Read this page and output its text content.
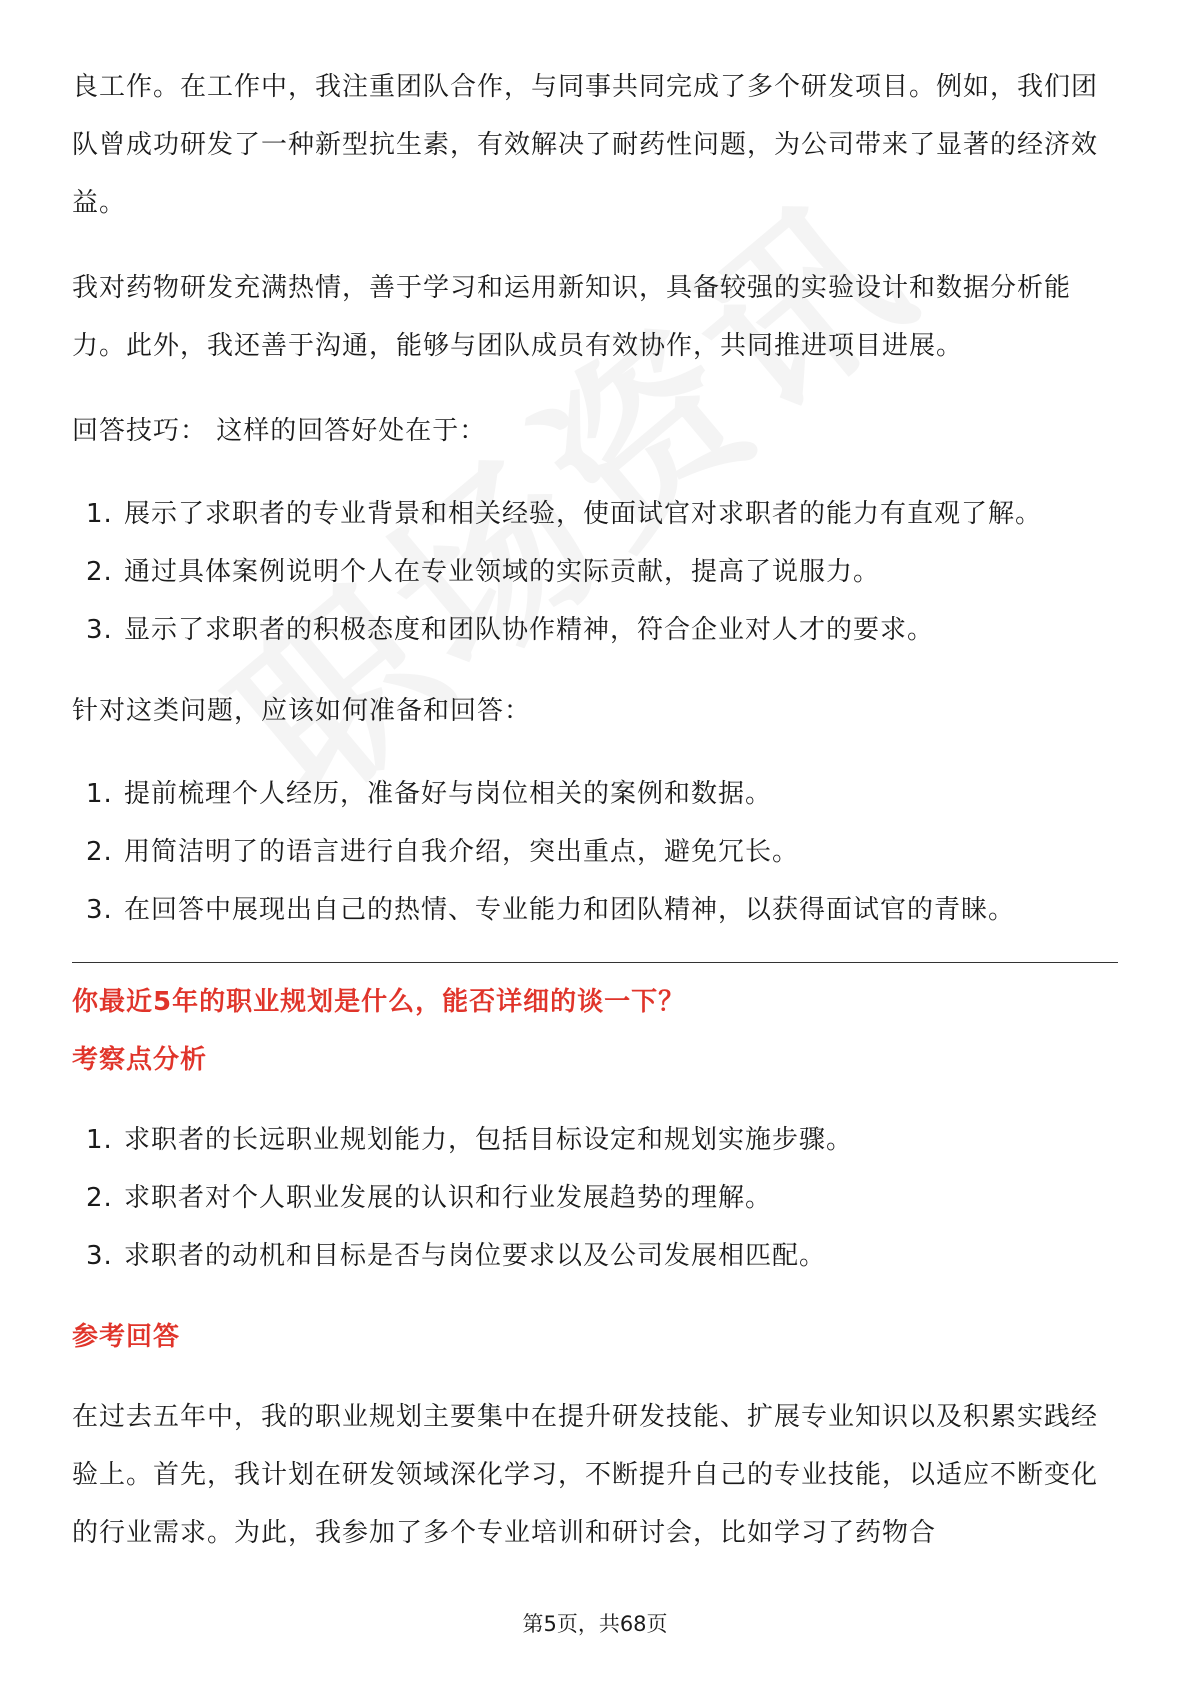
良工作。在工作中，我注重团队合作，与同事共同完成了多个研发项目。例如，我们团队曾成功研发了一种新型抗生素，有效解决了耐药性问题，为公司带来了显著的经济效益。

我对药物研发充满热情，善于学习和运用新知识，具备较强的实验设计和数据分析能力。此外，我还善于沟通，能够与团队成员有效协作，共同推进项目进展。

回答技巧： 这样的回答好处在于：

1. 展示了求职者的专业背景和相关经验，使面试官对求职者的能力有直观了解。
2. 通过具体案例说明个人在专业领域的实际贡献，提高了说服力。
3. 显示了求职者的积极态度和团队协作精神，符合企业对人才的要求。

针对这类问题，应该如何准备和回答：

1. 提前梳理个人经历，准备好与岗位相关的案例和数据。
2. 用简洁明了的语言进行自我介绍，突出重点，避免冗长。
3. 在回答中展现出自己的热情、专业能力和团队精神，以获得面试官的青睐。

你最近5年的职业规划是什么，能否详细的谈一下？

考察点分析

1. 求职者的长远职业规划能力，包括目标设定和规划实施步骤。
2. 求职者对个人职业发展的认识和行业发展趋势的理解。
3. 求职者的动机和目标是否与岗位要求以及公司发展相匹配。

参考回答

在过去五年中，我的职业规划主要集中在提升研发技能、扩展专业知识以及积累实践经验上。首先，我计划在研发领域深化学习，不断提升自己的专业技能，以适应不断变化的行业需求。为此，我参加了多个专业培训和研讨会，比如学习了药物合

第5页，共68页
